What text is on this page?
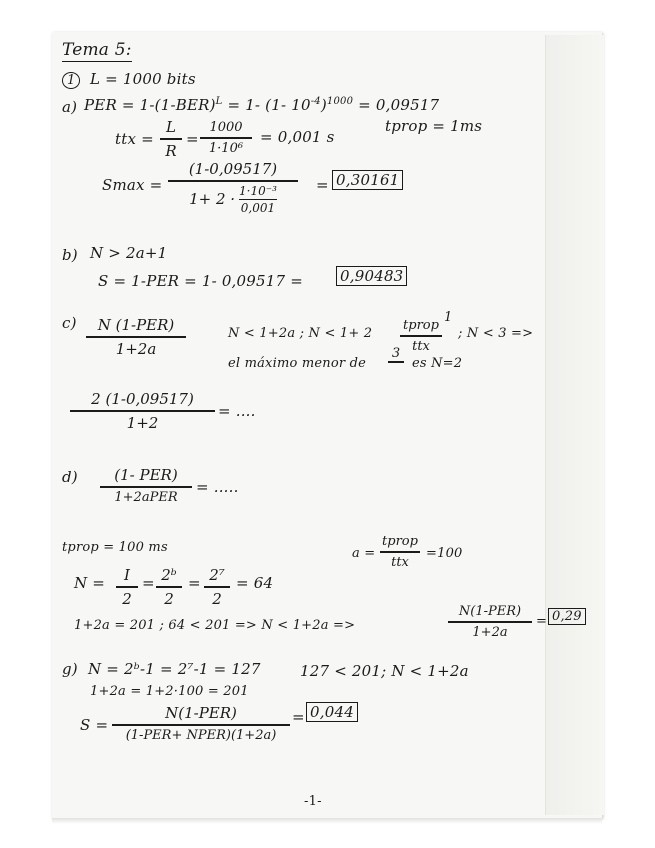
Tema 5:
1 L = 1000 bits
a) PER = $1-(1-BER)^L = 1-$ (1- $10^{-4})^{1000} = 0,09517$
ttx =
L
R
=
1000
1·10⁶
= 0,001 s
tprop = 1ms
Smax =
(1-0,09517)
1+ 2 · 1·10⁻³
0,001
= 0,30161
b) N > 2a+1
S = 1-PER = 1- 0,09517 = 0,90483
c) N (1-PER)
1+2a
N < 1+2a ; N < 1+ 2
tprop
ttx
1
; N < 3 =>
el máximo menor de
3
es N=2
2 (1-0,09517)
1+2
= ....
d) (1- PER)
1+2aPER
= .....
tprop = 100 ms	a =
tprop
ttx
=100
N = I
2
= 2ᵇ
2
= 2⁷
2
= 64
1+2a = 201 ; 64 < 201 => N < 1+2a =>
N(1-PER)
1+2a
= 0,29
g) N = 2ᵇ-1 = 2⁷-1 = 127	127 < 201; N < 1+2a
1+2a = 1+2·100 = 201
S =
N(1-PER)
(1-PER+ NPER)(1+2a)
= 0,044
-1-
